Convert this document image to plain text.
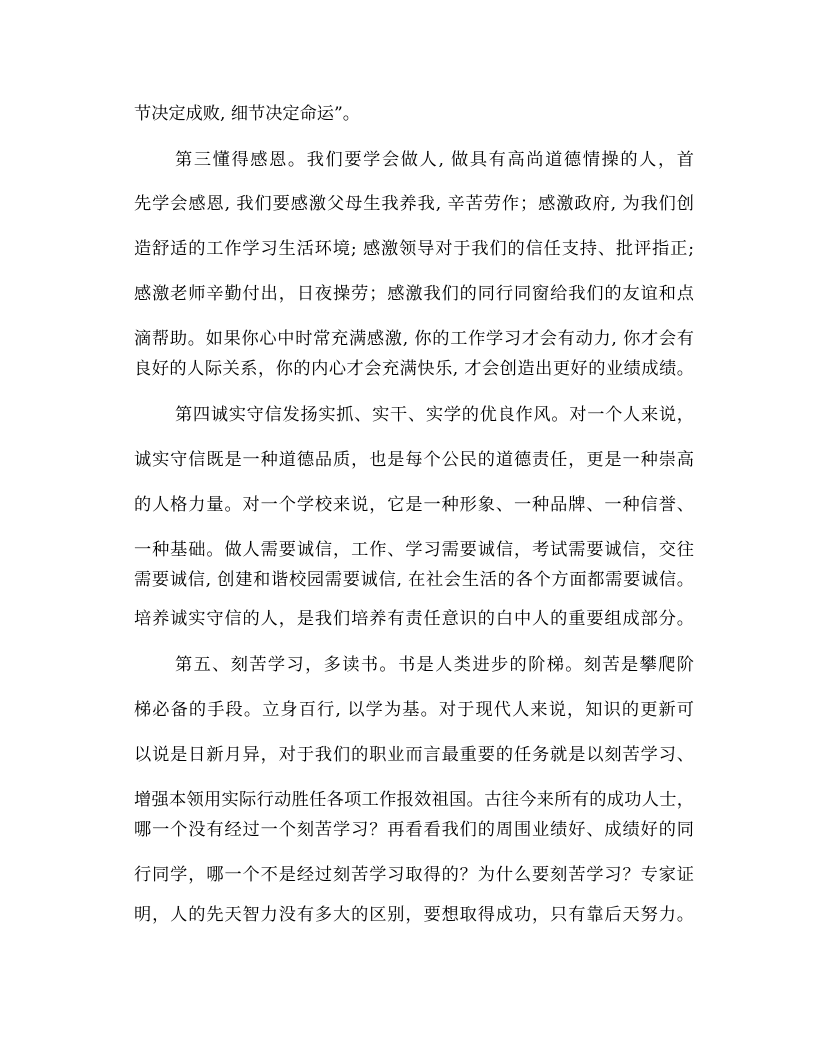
节决定成败, 细节决定命运”。
第三懂得感恩。我们要学会做人, 做具有高尚道德情操的人，首
先学会感恩, 我们要感激父母生我养我, 辛苦劳作；感激政府, 为我们创
造舒适的工作学习生活环境; 感激领导对于我们的信任支持、批评指正;
感激老师辛勤付出，日夜操劳；感激我们的同行同窗给我们的友谊和点
滴帮助。如果你心中时常充满感激, 你的工作学习才会有动力, 你才会有
良好的人际关系，你的内心才会充满快乐, 才会创造出更好的业绩成绩。
第四诚实守信发扬实抓、实干、实学的优良作风。对一个人来说，
诚实守信既是一种道德品质，也是每个公民的道德责任，更是一种崇高
的人格力量。对一个学校来说，它是一种形象、一种品牌、一种信誉、
一种基础。做人需要诚信，工作、学习需要诚信，考试需要诚信，交往
需要诚信, 创建和谐校园需要诚信, 在社会生活的各个方面都需要诚信。
培养诚实守信的人，是我们培养有责任意识的白中人的重要组成部分。
第五、刻苦学习，多读书。书是人类进步的阶梯。刻苦是攀爬阶
梯必备的手段。立身百行, 以学为基。对于现代人来说，知识的更新可
以说是日新月异，对于我们的职业而言最重要的任务就是以刻苦学习、
增强本领用实际行动胜任各项工作报效祖国。古往今来所有的成功人士，
哪一个没有经过一个刻苦学习？再看看我们的周围业绩好、成绩好的同
行同学，哪一个不是经过刻苦学习取得的？为什么要刻苦学习？专家证
明，人的先天智力没有多大的区别，要想取得成功，只有靠后天努力。
